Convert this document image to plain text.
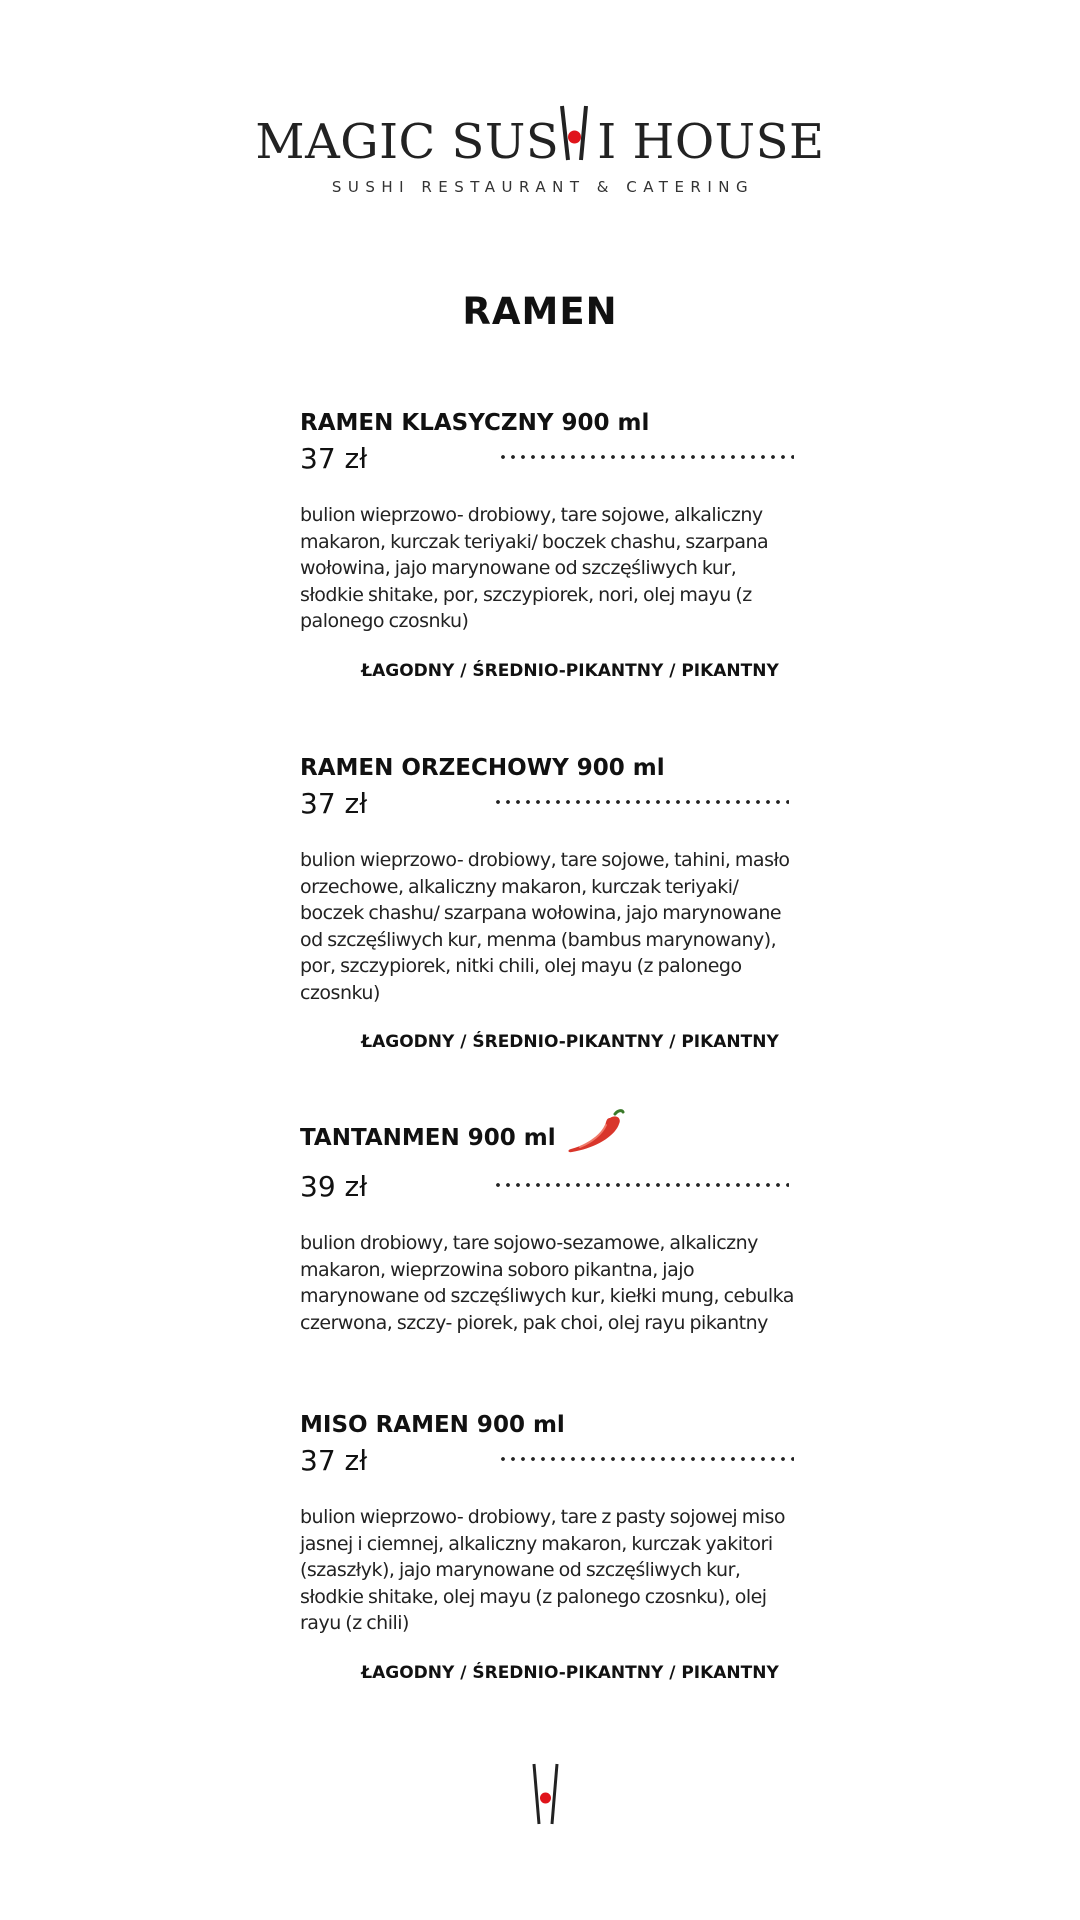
MAGIC SUS I HOUSE
SUSHI RESTAURANT & CATERING
RAMEN
RAMEN KLASYCZNY 900 ml
37 zł
bulion wieprzowo- drobiowy, tare sojowe, alkaliczny makaron, kurczak teriyaki/ boczek chashu, szarpana wołowina, jajo marynowane od szczęśliwych kur, słodkie shitake, por, szczypiorek, nori, olej mayu (z palonego czosnku)
ŁAGODNY / ŚREDNIO-PIKANTNY / PIKANTNY
RAMEN ORZECHOWY 900 ml
37 zł
bulion wieprzowo- drobiowy, tare sojowe, tahini, masło orzechowe, alkaliczny makaron, kurczak teriyaki/ boczek chashu/ szarpana wołowina, jajo marynowane od szczęśliwych kur, menma (bambus marynowany), por, szczypiorek, nitki chili, olej mayu (z palonego czosnku)
ŁAGODNY / ŚREDNIO-PIKANTNY / PIKANTNY
TANTANMEN 900 ml
39 zł
bulion drobiowy, tare sojowo-sezamowe, alkaliczny makaron, wieprzowina soboro pikantna, jajo marynowane od szczęśliwych kur, kiełki mung, cebulka czerwona, szczy- piorek, pak choi, olej rayu pikantny
MISO RAMEN 900 ml
37 zł
bulion wieprzowo- drobiowy, tare z pasty sojowej miso jasnej i ciemnej, alkaliczny makaron, kurczak yakitori (szaszłyk), jajo marynowane od szczęśliwych kur, słodkie shitake, olej mayu (z palonego czosnku), olej rayu (z chili)
ŁAGODNY / ŚREDNIO-PIKANTNY / PIKANTNY
